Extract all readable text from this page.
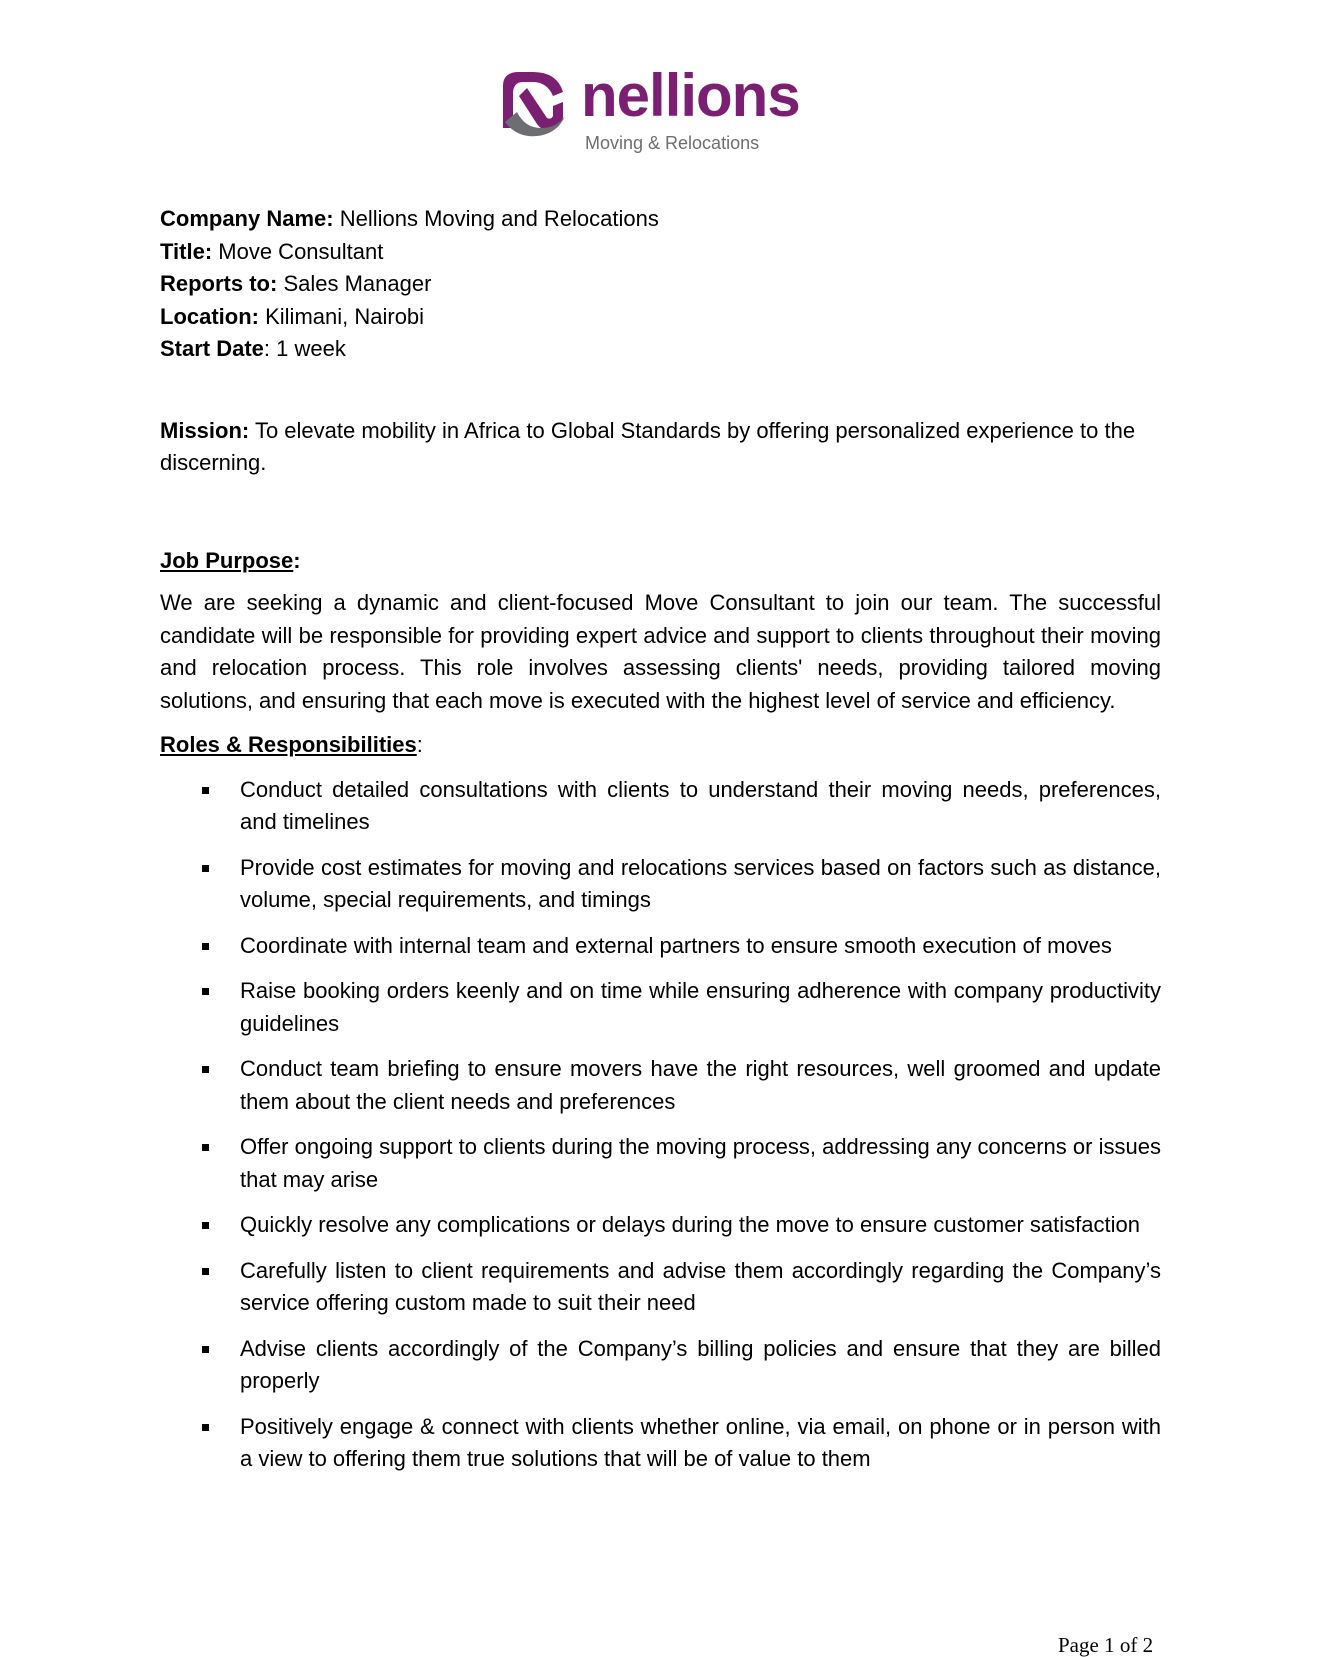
nellions
Moving & Relocations

Company Name: Nellions Moving and Relocations

Title: Move Consultant

Reports to: Sales Manager

Location: Kilimani, Nairobi

Start Date: 1 week

Mission: To elevate mobility in Africa to Global Standards by offering personalized experience to the discerning.

Job Purpose:

We are seeking a dynamic and client-focused Move Consultant to join our team. The successful candidate will be responsible for providing expert advice and support to clients throughout their moving and relocation process. This role involves assessing clients' needs, providing tailored moving solutions, and ensuring that each move is executed with the highest level of service and efficiency.

Roles & Responsibilities:

Conduct detailed consultations with clients to understand their moving needs, preferences, and timelines
Provide cost estimates for moving and relocations services based on factors such as distance, volume, special requirements, and timings
Coordinate with internal team and external partners to ensure smooth execution of moves
Raise booking orders keenly and on time while ensuring adherence with company productivity guidelines
Conduct team briefing to ensure movers have the right resources, well groomed and update them about the client needs and preferences
Offer ongoing support to clients during the moving process, addressing any concerns or issues that may arise
Quickly resolve any complications or delays during the move to ensure customer satisfaction
Carefully listen to client requirements and advise them accordingly regarding the Company’s service offering custom made to suit their need
Advise clients accordingly of the Company’s billing policies and ensure that they are billed properly
Positively engage & connect with clients whether online, via email, on phone or in person with a view to offering them true solutions that will be of value to them
Page 1 of 2
